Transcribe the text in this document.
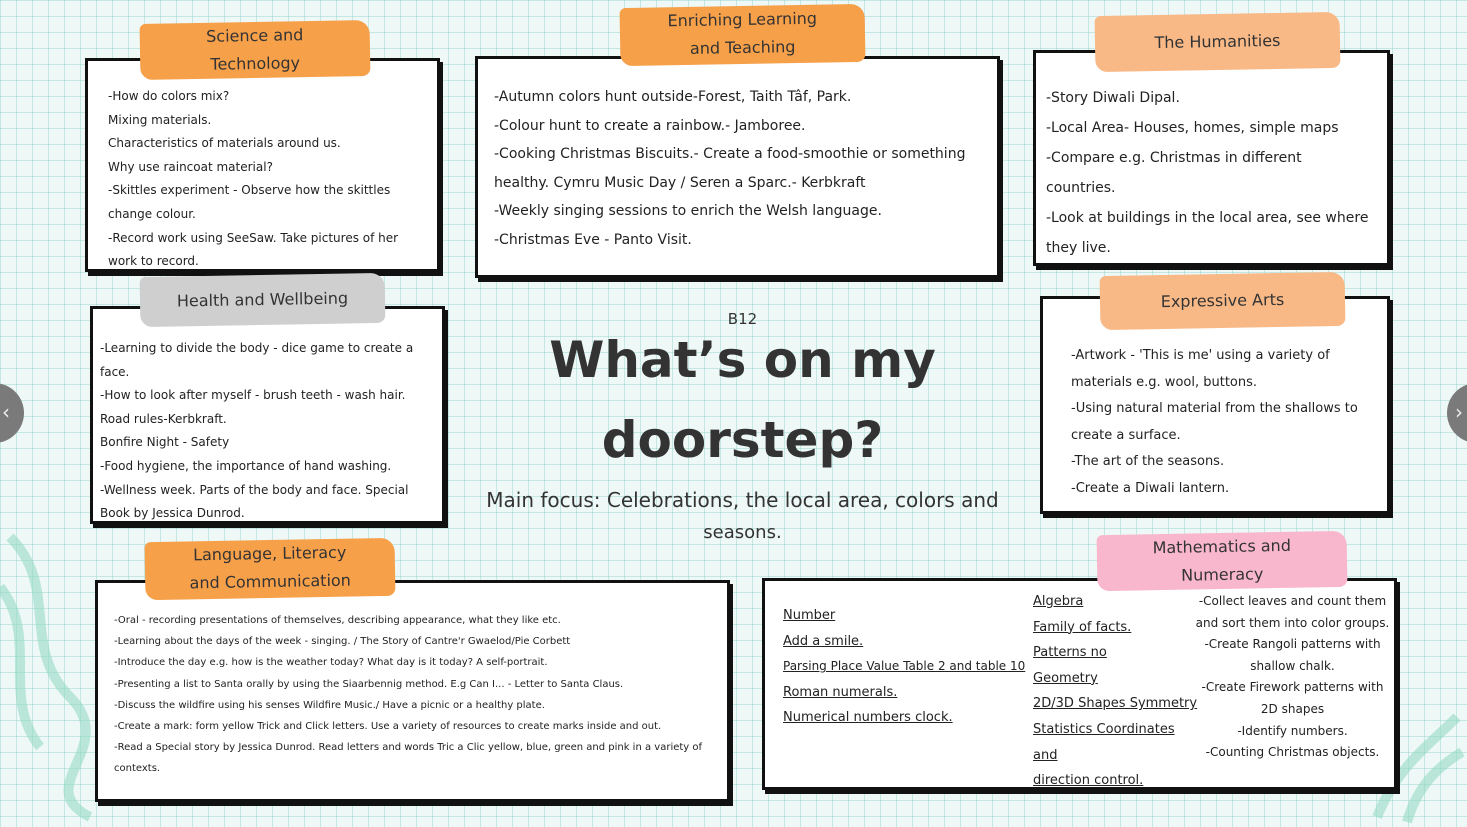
-How do colors mix?
Mixing materials.
Characteristics of materials around us.
Why use raincoat material?
-Skittles experiment - Observe how the skittles
change colour.
-Record work using SeeSaw. Take pictures of her
work to record.
Science and
Technology
-Autumn colors hunt outside-Forest, Taith Tâf, Park.
-Colour hunt to create a rainbow.- Jamboree.
-Cooking Christmas Biscuits.- Create a food-smoothie or something
healthy. Cymru Music Day / Seren a Sparc.- Kerbkraft
-Weekly singing sessions to enrich the Welsh language.
-Christmas Eve - Panto Visit.
Enriching Learning
and Teaching
-Story Diwali Dipal.
-Local Area- Houses, homes, simple maps
-Compare e.g. Christmas in different
countries.
-Look at buildings in the local area, see where
they live.
The Humanities
-Learning to divide the body - dice game to create a
face.
-How to look after myself - brush teeth - wash hair.
Road rules-Kerbkraft.
Bonfire Night - Safety
-Food hygiene, the importance of hand washing.
-Wellness week. Parts of the body and face. Special
Book by Jessica Dunrod.
Health and Wellbeing
B12
What’s on my
doorstep?
Main focus: Celebrations, the local area, colors and
seasons.
-Artwork - 'This is me' using a variety of
materials e.g. wool, buttons.
-Using natural material from the shallows to
create a surface.
-The art of the seasons.
-Create a Diwali lantern.
Expressive Arts
-Oral - recording presentations of themselves, describing appearance, what they like etc.
-Learning about the days of the week - singing. / The Story of Cantre'r Gwaelod/Pie Corbett
-Introduce the day e.g. how is the weather today? What day is it today? A self-portrait.
-Presenting a list to Santa orally by using the Siaarbennig method. E.g Can I... - Letter to Santa Claus.
-Discuss the wildfire using his senses Wildfire Music./ Have a picnic or a healthy plate.
-Create a mark: form yellow Trick and Click letters. Use a variety of resources to create marks inside and out.
-Read a Special story by Jessica Dunrod. Read letters and words Tric a Clic yellow, blue, green and pink in a variety of
contexts.
Language, Literacy
and Communication
Number
Add a smile.
Parsing Place Value Table 2 and table 10
Roman numerals.
Numerical numbers clock.
Algebra
Family of facts.
Patterns no
Geometry
2D/3D Shapes Symmetry
Statistics Coordinates and
direction control.
-Collect leaves and count them
and sort them into color groups.
-Create Rangoli patterns with
shallow chalk.
-Create Firework patterns with
2D shapes
-Identify numbers.
-Counting Christmas objects.
Mathematics and
Numeracy
‹	›
